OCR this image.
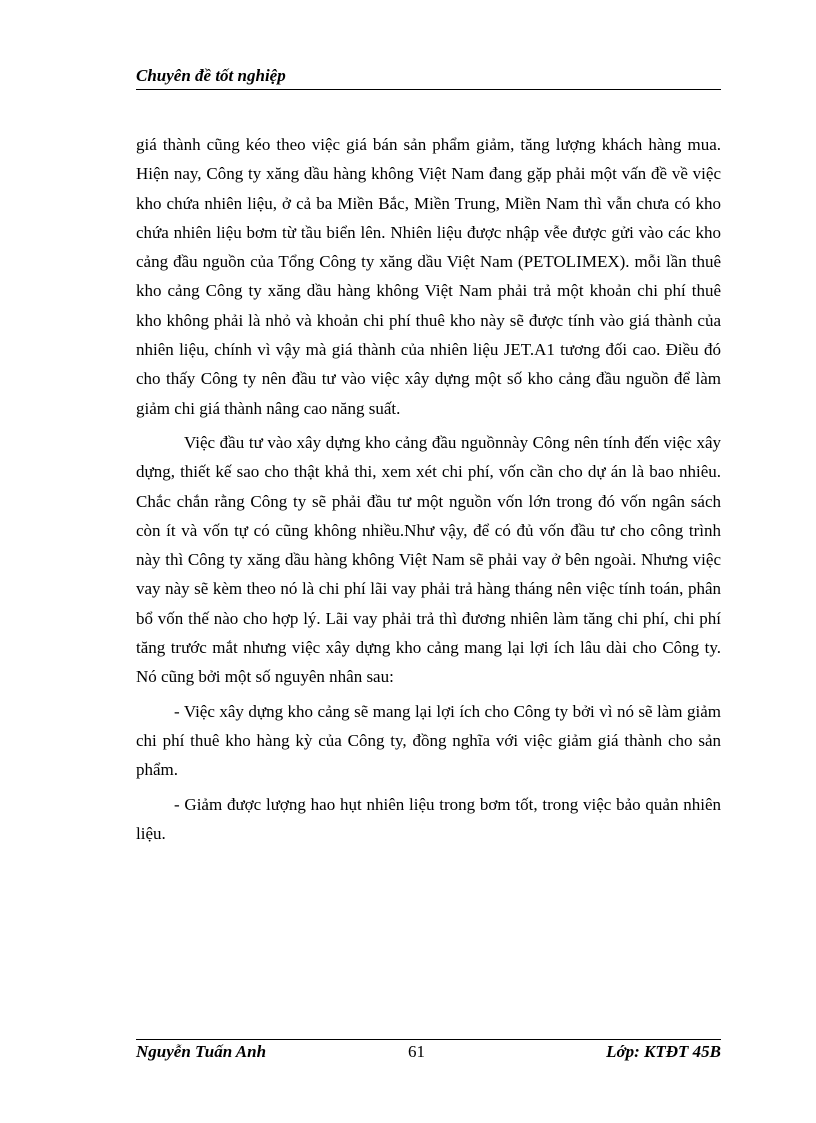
Chuyên đề tốt nghiệp

giá thành cũng kéo theo việc giá bán sản phẩm giảm, tăng lượng khách hàng mua. Hiện nay, Công ty xăng dầu hàng không Việt Nam đang gặp phải một vấn đề về việc kho chứa nhiên liệu, ở cả ba Miền Bắc, Miền Trung, Miền Nam thì vẫn chưa có kho chứa nhiên liệu bơm từ tầu biển lên. Nhiên liệu được nhập vễe được gửi vào các kho cảng đầu nguồn của Tổng Công ty xăng dầu Việt Nam (PETOLIMEX). mỗi lần thuê kho cảng Công ty xăng dầu hàng không Việt Nam phải trả một khoản chi phí thuê kho không phải là nhỏ và khoản chi phí thuê kho này sẽ được tính vào giá thành của nhiên liệu, chính vì vậy mà giá thành của nhiên liệu JET.A1 tương đối cao. Điều đó cho thấy Công ty nên đầu tư vào việc xây dựng một số kho cảng đầu nguồn để làm giảm chi giá thành nâng cao năng suất.

Việc đầu tư vào xây dựng kho cảng đầu nguồnnày Công nên tính đến việc xây dựng, thiết kế sao cho thật khả thi, xem xét chi phí, vốn cần cho dự án là bao nhiêu. Chắc chắn rằng Công ty sẽ phải đầu tư một nguồn vốn lớn trong đó vốn ngân sách còn ít và vốn tự có cũng không nhiều.Như vậy, để có đủ vốn đầu tư cho công trình này thì Công ty xăng dầu hàng không Việt Nam sẽ phải vay ở bên ngoài. Nhưng việc vay này sẽ kèm theo nó là chi phí lãi vay phải trả hàng tháng nên việc tính toán, phân bổ vốn thế nào cho hợp lý. Lãi vay phải trả thì đương nhiên làm tăng chi phí, chi phí tăng trước mắt nhưng việc xây dựng kho cảng mang lại lợi ích lâu dài cho Công ty. Nó cũng bởi một số nguyên nhân sau:

- Việc xây dựng kho cảng sẽ mang lại lợi ích cho Công ty bởi vì nó sẽ làm giảm chi phí thuê kho hàng kỳ của Công ty, đồng nghĩa với việc giảm giá thành cho sản phẩm.

- Giảm được lượng hao hụt nhiên liệu trong bơm tốt, trong việc bảo quản nhiên liệu.

Nguyễn Tuấn Anh	61	Lớp: KTĐT 45B
